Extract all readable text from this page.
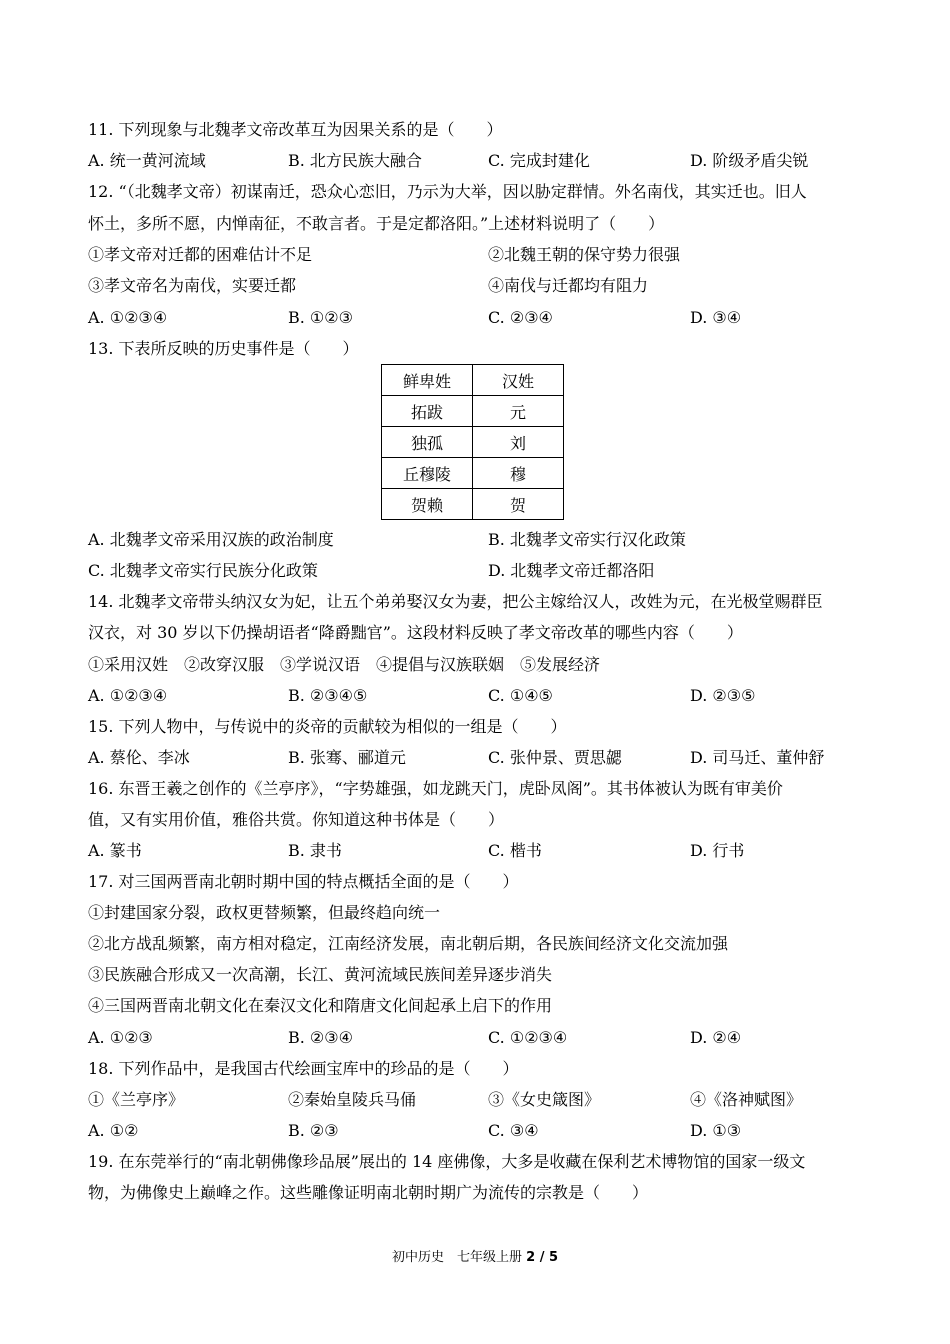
11. 下列现象与北魏孝文帝改革互为因果关系的是（　　）
A. 统一黄河流域	B. 北方民族大融合	C. 完成封建化	D. 阶级矛盾尖锐
12. “（北魏孝文帝）初谋南迁，恐众心恋旧，乃示为大举，因以胁定群情。外名南伐，其实迁也。旧人
怀土，多所不愿，内惮南征，不敢言者。于是定都洛阳。”上述材料说明了（　　）
①孝文帝对迁都的困难估计不足	②北魏王朝的保守势力很强
③孝文帝名为南伐，实要迁都	④南伐与迁都均有阻力
A. ①②③④	B. ①②③	C. ②③④	D. ③④
13. 下表所反映的历史事件是（　　）
鲜卑姓	汉姓
拓跋	元
独孤	刘
丘穆陵	穆
贺赖	贺
A. 北魏孝文帝采用汉族的政治制度	B. 北魏孝文帝实行汉化政策
C. 北魏孝文帝实行民族分化政策	D. 北魏孝文帝迁都洛阳
14. 北魏孝文帝带头纳汉女为妃，让五个弟弟娶汉女为妻，把公主嫁给汉人，改姓为元，在光极堂赐群臣
汉衣，对 30 岁以下仍操胡语者“降爵黜官”。这段材料反映了孝文帝改革的哪些内容（　　）
①采用汉姓　②改穿汉服　③学说汉语　④提倡与汉族联姻　⑤发展经济
A. ①②③④	B. ②③④⑤	C. ①④⑤	D. ②③⑤
15. 下列人物中，与传说中的炎帝的贡献较为相似的一组是（　　）
A. 蔡伦、李冰	B. 张骞、郦道元	C. 张仲景、贾思勰	D. 司马迁、董仲舒
16. 东晋王羲之创作的《兰亭序》，“字势雄强，如龙跳天门，虎卧凤阁”。其书体被认为既有审美价
值，又有实用价值，雅俗共赏。你知道这种书体是（　　）
A. 篆书	B. 隶书	C. 楷书	D. 行书
17. 对三国两晋南北朝时期中国的特点概括全面的是（　　）
①封建国家分裂，政权更替频繁，但最终趋向统一
②北方战乱频繁，南方相对稳定，江南经济发展，南北朝后期，各民族间经济文化交流加强
③民族融合形成又一次高潮，长江、黄河流域民族间差异逐步消失
④三国两晋南北朝文化在秦汉文化和隋唐文化间起承上启下的作用
A. ①②③	B. ②③④	C. ①②③④	D. ②④
18. 下列作品中，是我国古代绘画宝库中的珍品的是（　　）
①《兰亭序》	②秦始皇陵兵马俑	③《女史箴图》	④《洛神赋图》
A. ①②	B. ②③	C. ③④	D. ①③
19. 在东莞举行的“南北朝佛像珍品展”展出的 14 座佛像，大多是收藏在保利艺术博物馆的国家一级文
物，为佛像史上巅峰之作。这些雕像证明南北朝时期广为流传的宗教是（　　）
初中历史　七年级上册 2 / 5
